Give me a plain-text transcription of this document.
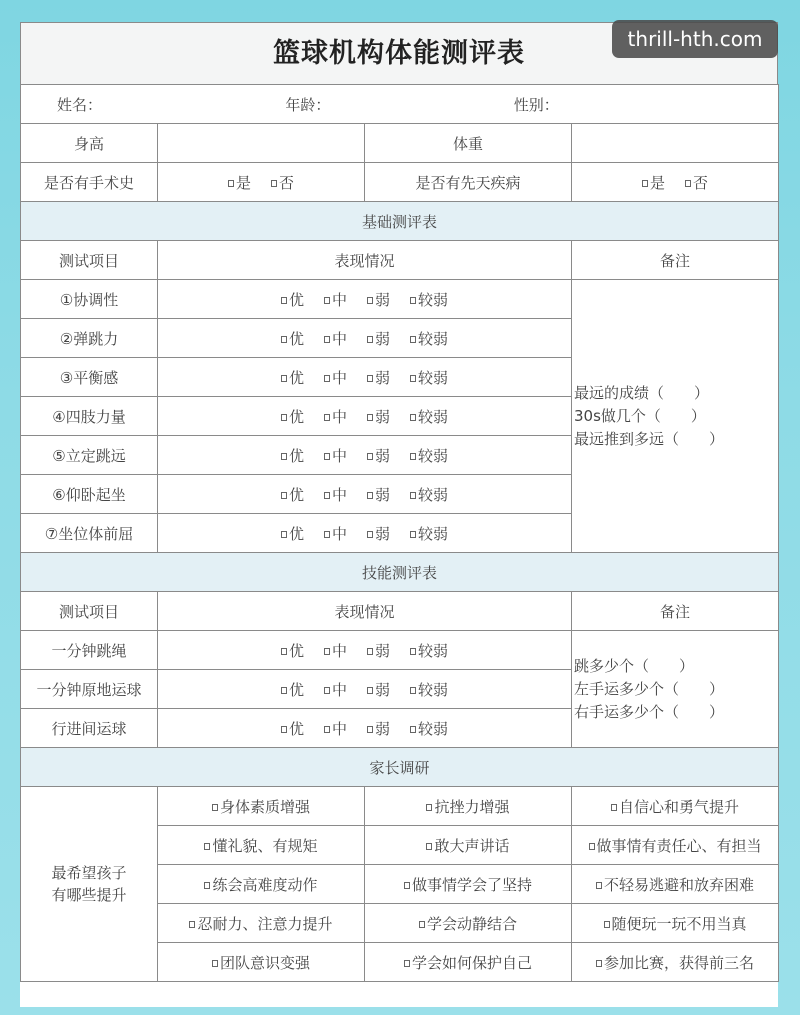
篮球机构体能测评表	thrill-hth.com
姓名： 年龄： 性别：			

身高		体重	
是否有手术史	是 否	是否有先天疾病	是 否
基础测评表			
测试项目	表现情况		备注
①协调性	优 中 弱 较弱		最远的成绩（　　）
30s做几个（　　）
最远推到多远（　　）

②弹跳力	优 中 弱 较弱		
③平衡感	优 中 弱 较弱		
④四肢力量	优 中 弱 较弱		
⑤立定跳远	优 中 弱 较弱		
⑥仰卧起坐	优 中 弱 较弱		
⑦坐位体前屈	优 中 弱 较弱		
技能测评表			
测试项目	表现情况		备注
一分钟跳绳	优 中 弱 较弱		跳多少个（　　）
左手运多少个（　　）
右手运多少个（　　）

一分钟原地运球	优 中 弱 较弱		
行进间运球	优 中 弱 较弱		
家长调研			

最希望孩子
有哪些提升	身体素质增强	抗挫力增强	自信心和勇气提升
	懂礼貌、有规矩	敢大声讲话	做事情有责任心、有担当
	练会高难度动作	做事情学会了坚持	不轻易逃避和放弃困难
	忍耐力、注意力提升	学会动静结合	随便玩一玩不用当真
	团队意识变强	学会如何保护自己	参加比赛，获得前三名
